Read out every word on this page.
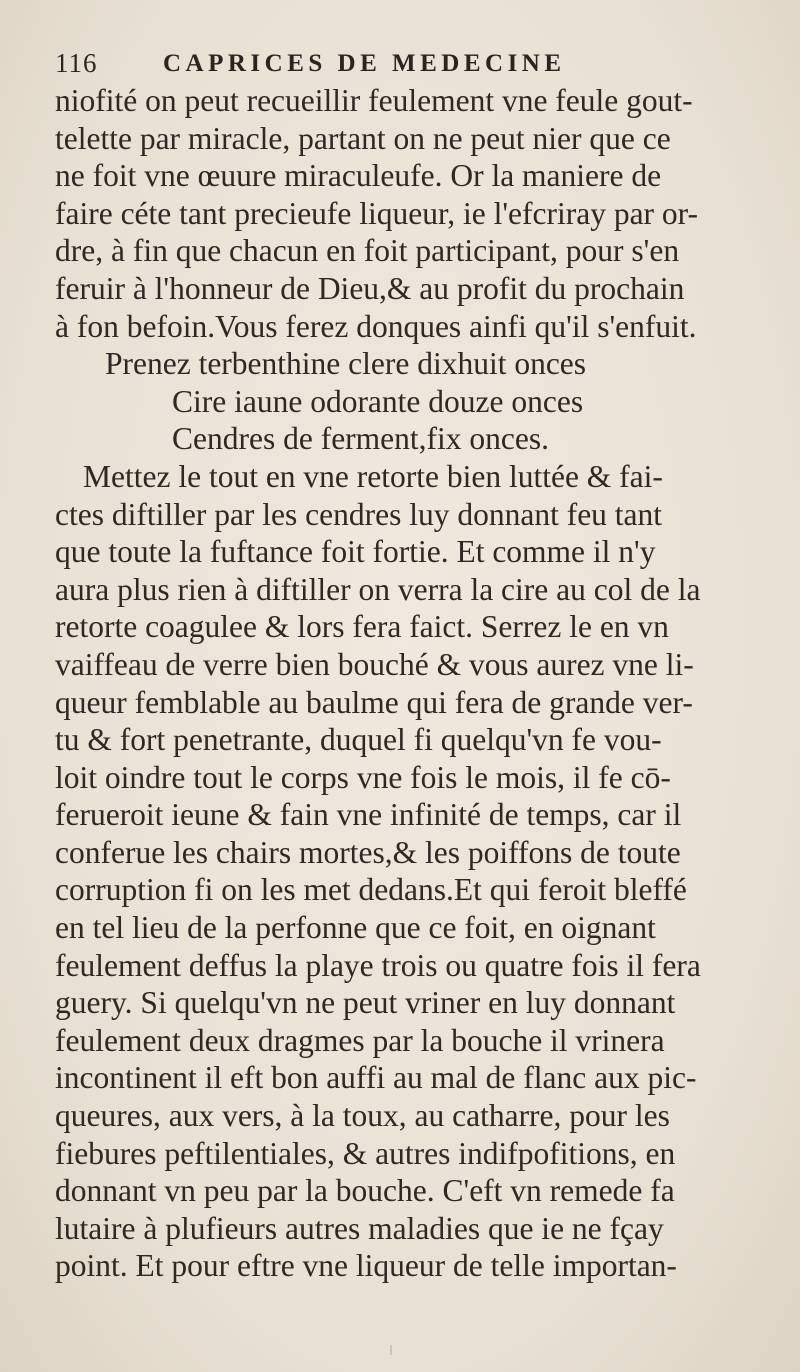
116	CAPRICES DE MEDECINE
niofité on peut recueillir feulement vne feule gout-
telette par miracle, partant on ne peut nier que ce
ne foit vne œuure miraculeufe. Or la maniere de
faire céte tant precieufe liqueur, ie l'efcriray par or-
dre, à fin que chacun en foit participant, pour s'en
feruir à l'honneur de Dieu,& au profit du prochain
à fon befoin.Vous ferez donques ainfi qu'il s'enfuit.
Prenez terbenthine clere dixhuit onces
Cire iaune odorante douze onces
Cendres de ferment,fix onces.
Mettez le tout en vne retorte bien luttée & fai-
ctes diftiller par les cendres luy donnant feu tant
que toute la fuftance foit fortie. Et comme il n'y
aura plus rien à diftiller on verra la cire au col de la
retorte coagulee & lors fera faict. Serrez le en vn
vaiffeau de verre bien bouché & vous aurez vne li-
queur femblable au baulme qui fera de grande ver-
tu & fort penetrante, duquel fi quelqu'vn fe vou-
loit oindre tout le corps vne fois le mois, il fe cō-
ferueroit ieune & fain vne infinité de temps, car il
conferue les chairs mortes,& les poiffons de toute
corruption fi on les met dedans.Et qui feroit bleffé
en tel lieu de la perfonne que ce foit, en oignant
feulement deffus la playe trois ou quatre fois il fera
guery. Si quelqu'vn ne peut vriner en luy donnant
feulement deux dragmes par la bouche il vrinera
incontinent il eft bon auffi au mal de flanc aux pic-
queures, aux vers, à la toux, au catharre, pour les
fiebures peftilentiales, & autres indifpofitions, en
donnant vn peu par la bouche. C'eft vn remede fa
lutaire à plufieurs autres maladies que ie ne fçay
point. Et pour eftre vne liqueur de telle importan-
